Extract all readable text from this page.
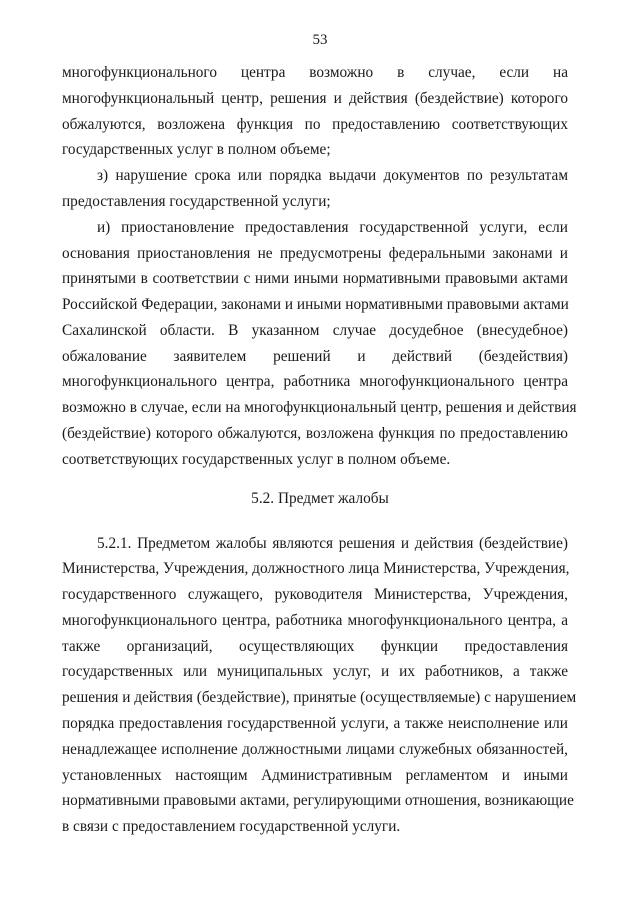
53
многофункционального центра возможно в случае, если на
многофункциональный центр, решения и действия (бездействие) которого
обжалуются, возложена функция по предоставлению соответствующих
государственных услуг в полном объеме;
з) нарушение срока или порядка выдачи документов по результатам
предоставления государственной услуги;
и) приостановление предоставления государственной услуги, если
основания приостановления не предусмотрены федеральными законами и
принятыми в соответствии с ними иными нормативными правовыми актами
Российской Федерации, законами и иными нормативными правовыми актами
Сахалинской области. В указанном случае досудебное (внесудебное)
обжалование заявителем решений и действий (бездействия)
многофункционального центра, работника многофункционального центра
возможно в случае, если на многофункциональный центр, решения и действия
(бездействие) которого обжалуются, возложена функция по предоставлению
соответствующих государственных услуг в полном объеме.
5.2. Предмет жалобы
5.2.1. Предметом жалобы являются решения и действия (бездействие)
Министерства, Учреждения, должностного лица Министерства, Учреждения,
государственного служащего, руководителя Министерства, Учреждения,
многофункционального центра, работника многофункционального центра, а
также организаций, осуществляющих функции предоставления
государственных или муниципальных услуг, и их работников, а также
решения и действия (бездействие), принятые (осуществляемые) с нарушением
порядка предоставления государственной услуги, а также неисполнение или
ненадлежащее исполнение должностными лицами служебных обязанностей,
установленных настоящим Административным регламентом и иными
нормативными правовыми актами, регулирующими отношения, возникающие
в связи с предоставлением государственной услуги.
